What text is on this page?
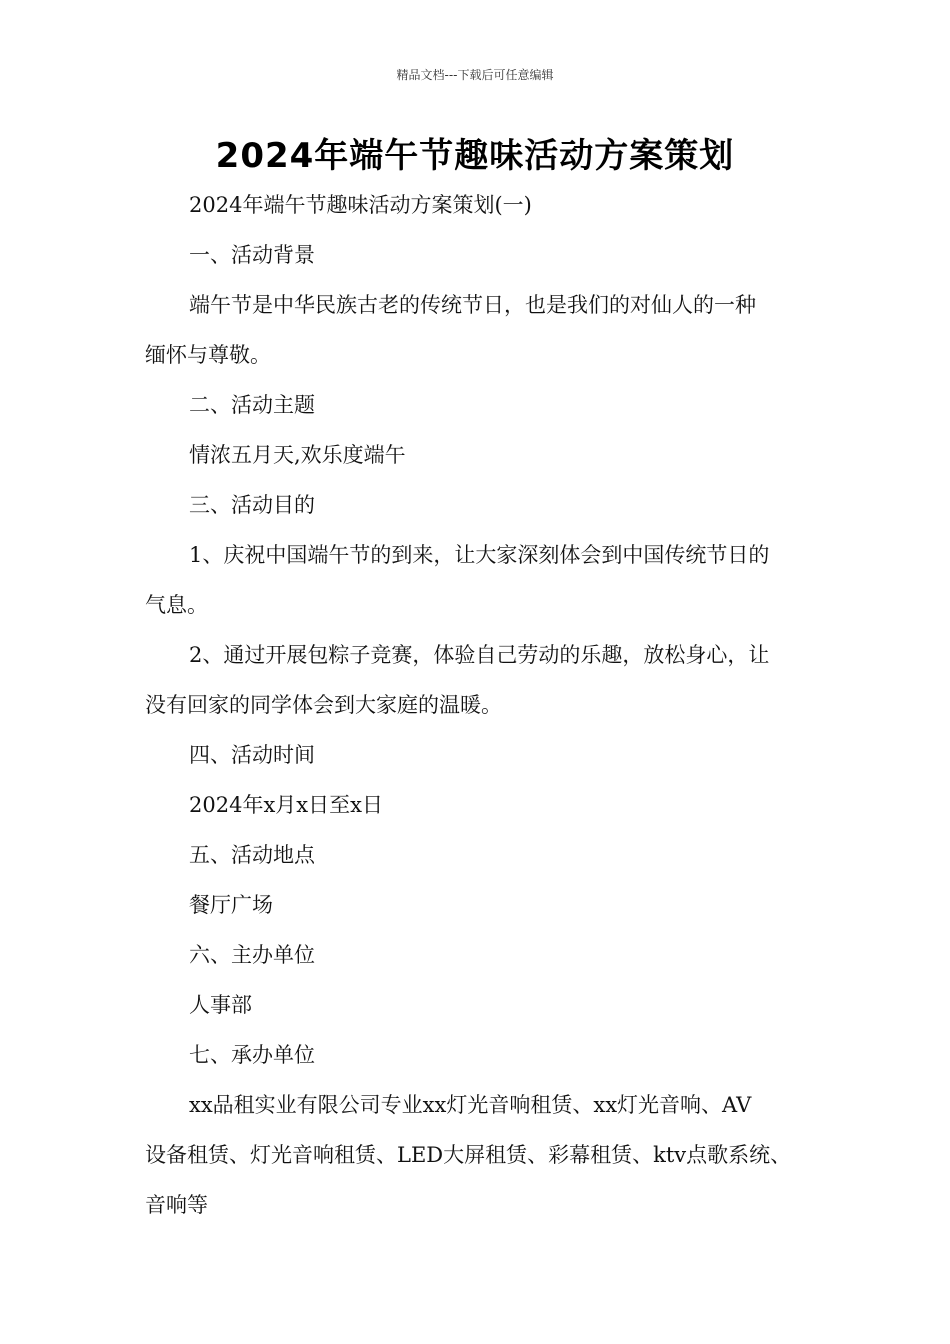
精品文档---下载后可任意编辑
2024年端午节趣味活动方案策划
2024年端午节趣味活动方案策划(一)
一、活动背景
端午节是中华民族古老的传统节日，也是我们的对仙人的一种
缅怀与尊敬。
二、活动主题
情浓五月天,欢乐度端午
三、活动目的
1、庆祝中国端午节的到来，让大家深刻体会到中国传统节日的
气息。
2、通过开展包粽子竞赛，体验自己劳动的乐趣，放松身心，让
没有回家的同学体会到大家庭的温暖。
四、活动时间
2024年x月x日至x日
五、活动地点
餐厅广场
六、主办单位
人事部
七、承办单位
xx品租实业有限公司专业xx灯光音响租赁、xx灯光音响、AV
设备租赁、灯光音响租赁、LED大屏租赁、彩幕租赁、ktv点歌系统、
音响等
